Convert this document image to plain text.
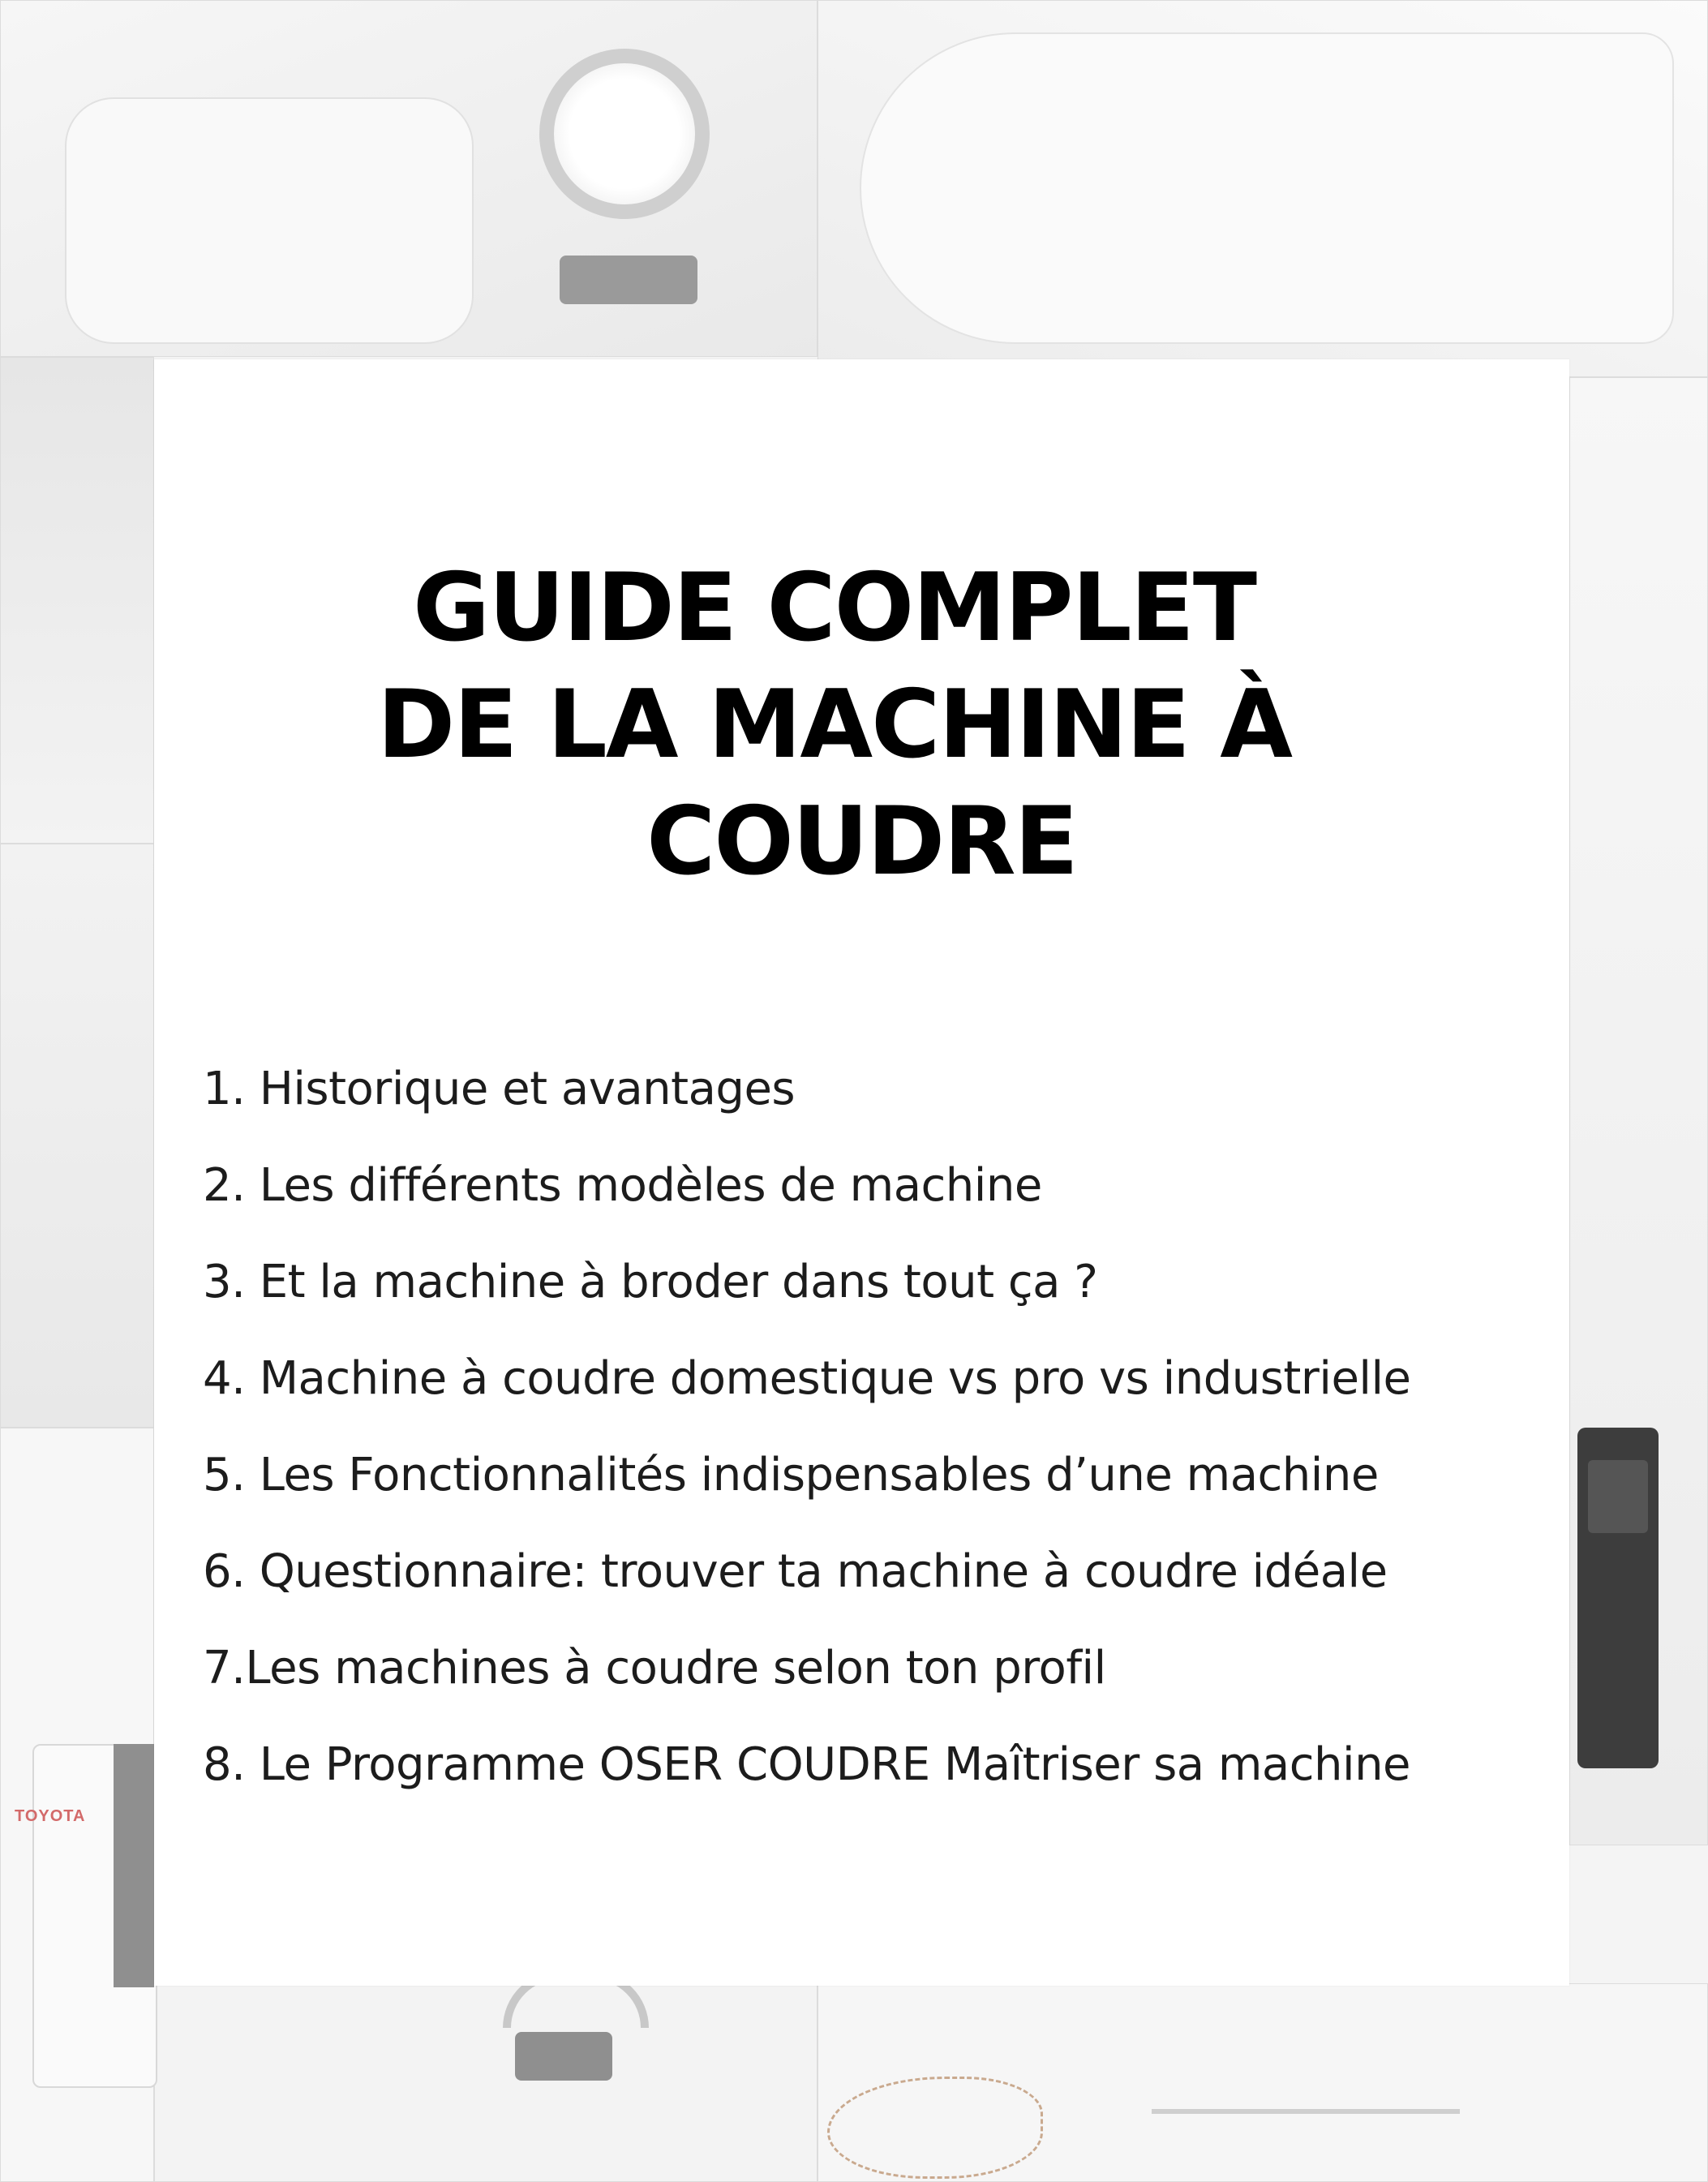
TOYOTA
GUIDE COMPLET
DE LA MACHINE À
COUDRE
1. Historique et avantages
2. Les différents modèles de machine
3. Et la machine à broder dans tout ça ?
4. Machine à coudre domestique vs pro vs industrielle
5. Les Fonctionnalités indispensables d’une machine
6. Questionnaire: trouver ta machine à coudre idéale
7.Les machines à coudre selon ton profil
8. Le Programme OSER COUDRE Maîtriser sa machine
